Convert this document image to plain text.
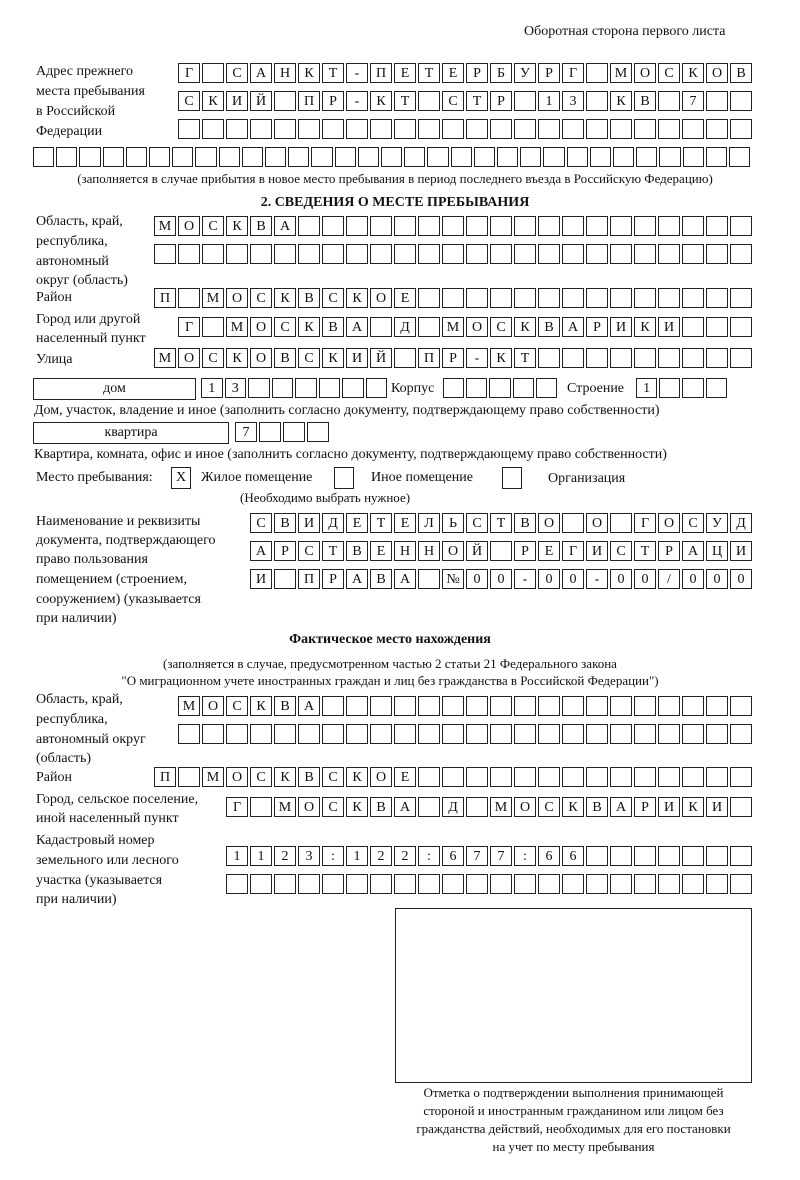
Оборотная сторона первого листа
Адрес прежнего
места пребывания
в Российской
Федерации
Г	С	А Н	К	Т	-	П	Е	Т	Е	Р	Б	У	Р	Г	М О	С	К	О	В
С	К	И Й	П	Р	-	К	Т	С	Т	Р	1	3	К	В	7
(заполняется в случае прибытия в новое место пребывания в период последнего въезда в Российскую Федерацию)
2. СВЕДЕНИЯ О МЕСТЕ ПРЕБЫВАНИЯ
Область, край,
республика,
автономный
округ (область)
М О	С	К	В	А
Район	П	М О	С	К	В	С	К	О	Е
Город или другой
населенный пункт
Г	М О	С	К	В	А	Д	М О	С	К	В	А	Р	И	К	И
Улица	М О	С	К	О	В	С	К	И Й	П	Р	-	К	Т
дом	1	3	Корпус	Строение	1
Дом, участок, владение и иное (заполнить согласно документу, подтверждающему право собственности)
квартира	7
Квартира, комната, офис и иное (заполнить согласно документу, подтверждающему право собственности)
Место пребывания:	Х	Жилое помещение	Иное помещение	Организация
(Необходимо выбрать нужное)
Наименование и реквизиты
документа, подтверждающего
право пользования
помещением (строением,
сооружением) (указывается
при наличии)
С	В	И	Д	Е	Т	Е	Л	Ь	С	Т	В	О	О	Г	О	С	У	Д
А	Р	С	Т	В	Е	Н Н О Й	Р	Е	Г	И	С	Т	Р	А Ц И
И	П	Р	А	В	А	№ 0	0	-	0	0	-	0	0	/	0	0	0
Фактическое место нахождения
(заполняется в случае, предусмотренном частью 2 статьи 21 Федерального закона
"О миграционном учете иностранных граждан и лиц без гражданства в Российской Федерации")
Область, край,
республика,
автономный округ
(область)
М О	С	К	В	А
Район	П	М О	С	К	В	С	К	О	Е
Город, сельское поселение,
иной населенный пункт
Г	М О	С	К	В	А	Д	М О	С	К	В	А	Р	И	К	И
Кадастровый номер
земельного или лесного
участка (указывается
при наличии)
1	1	2	3	:	1	2	2	:	6	7	7	:	6	6
Отметка о подтверждении выполнения принимающей
стороной и иностранным гражданином или лицом без
гражданства действий, необходимых для его постановки
на учет по месту пребывания
